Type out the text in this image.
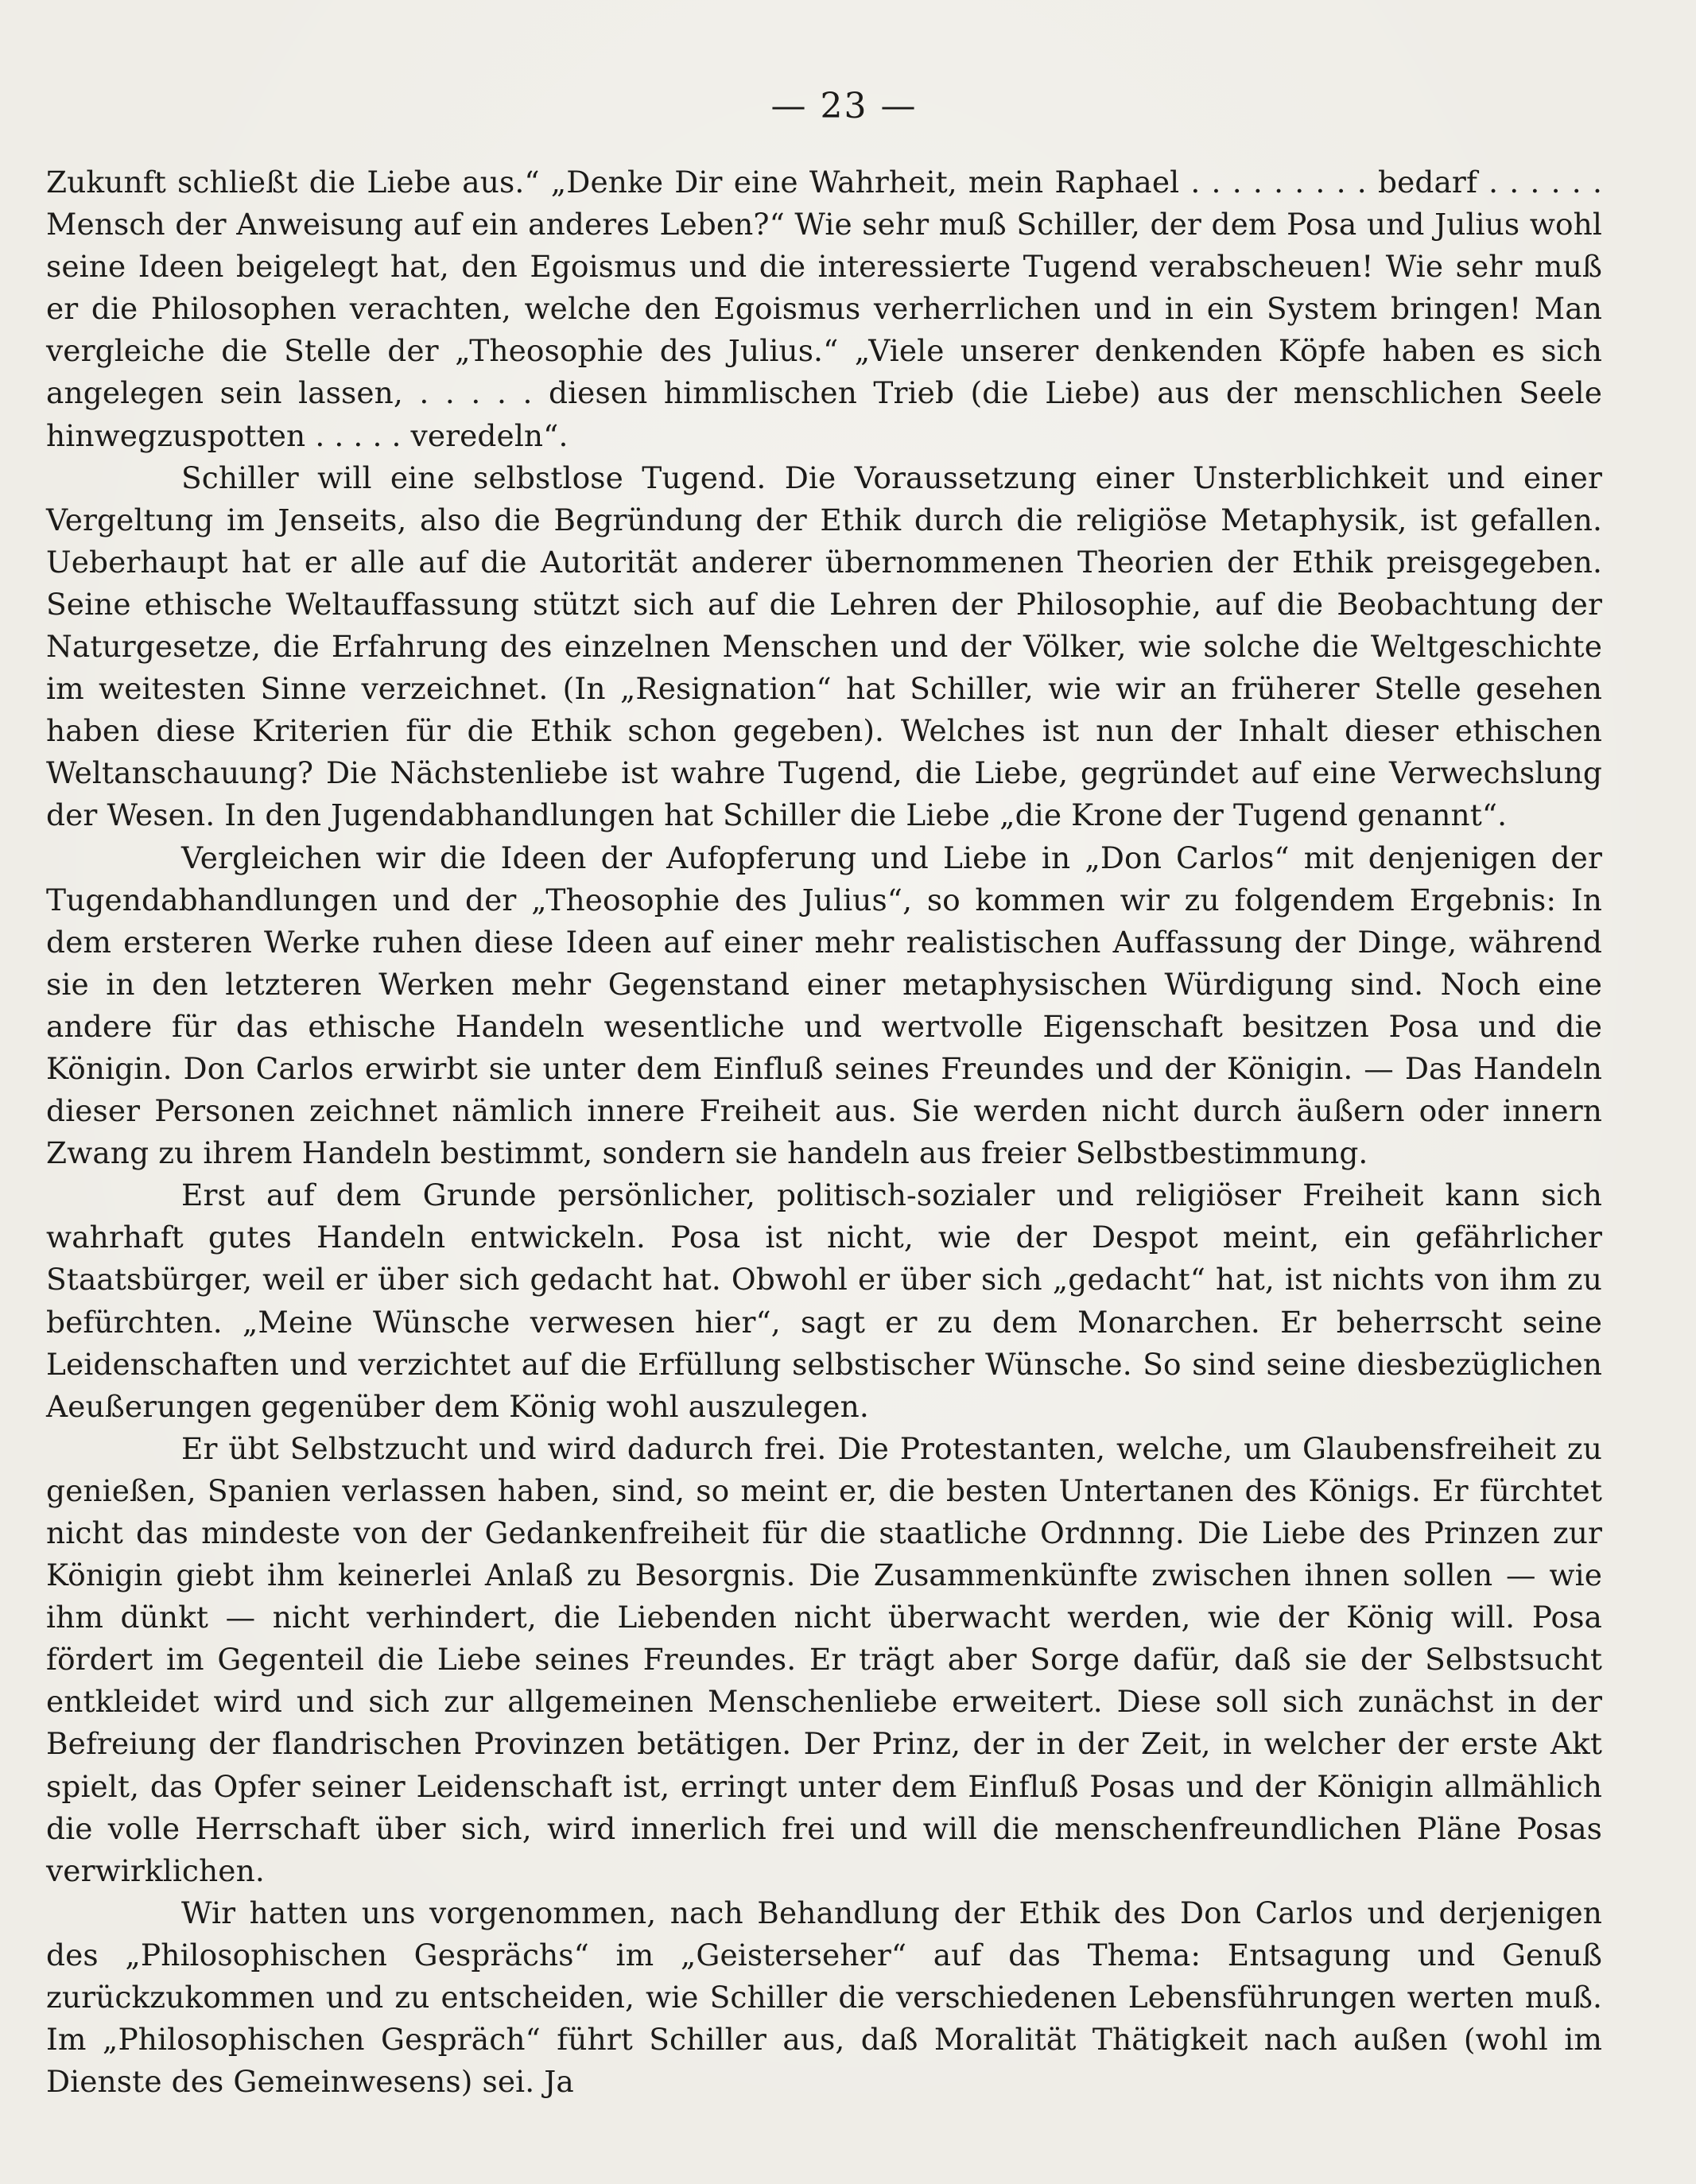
— 23 —

Zukunft schließt die Liebe aus.“ „Denke Dir eine Wahrheit, mein Raphael . . . . . . . . . bedarf . . . . . . Mensch der Anweisung auf ein anderes Leben?“ Wie sehr muß Schiller, der dem Posa und Julius wohl seine Ideen beigelegt hat, den Egoismus und die interessierte Tugend verabscheuen! Wie sehr muß er die Philosophen verachten, welche den Egoismus verherrlichen und in ein System bringen! Man vergleiche die Stelle der „Theosophie des Julius.“ „Viele unserer denkenden Köpfe haben es sich angelegen sein lassen, . . . . . diesen himmlischen Trieb (die Liebe) aus der menschlichen Seele hinwegzuspotten . . . . . veredeln“.

Schiller will eine selbstlose Tugend. Die Voraussetzung einer Unsterblichkeit und einer Vergeltung im Jenseits, also die Begründung der Ethik durch die religiöse Metaphysik, ist gefallen. Ueberhaupt hat er alle auf die Autorität anderer übernommenen Theorien der Ethik preisgegeben. Seine ethische Weltauffassung stützt sich auf die Lehren der Philosophie, auf die Beobachtung der Naturgesetze, die Erfahrung des einzelnen Menschen und der Völker, wie solche die Weltgeschichte im weitesten Sinne verzeichnet. (In „Resignation“ hat Schiller, wie wir an früherer Stelle gesehen haben diese Kriterien für die Ethik schon gegeben). Welches ist nun der Inhalt dieser ethischen Weltanschauung? Die Nächstenliebe ist wahre Tugend, die Liebe, gegründet auf eine Verwechslung der Wesen. In den Jugendabhandlungen hat Schiller die Liebe „die Krone der Tugend genannt“.

Vergleichen wir die Ideen der Aufopferung und Liebe in „Don Carlos“ mit denjenigen der Tugendabhandlungen und der „Theosophie des Julius“, so kommen wir zu folgendem Ergebnis: In dem ersteren Werke ruhen diese Ideen auf einer mehr realistischen Auffassung der Dinge, während sie in den letzteren Werken mehr Gegenstand einer metaphysischen Würdigung sind. Noch eine andere für das ethische Handeln wesentliche und wertvolle Eigenschaft besitzen Posa und die Königin. Don Carlos erwirbt sie unter dem Einfluß seines Freundes und der Königin. — Das Handeln dieser Personen zeichnet nämlich innere Freiheit aus. Sie werden nicht durch äußern oder innern Zwang zu ihrem Handeln bestimmt, sondern sie handeln aus freier Selbstbestimmung.

Erst auf dem Grunde persönlicher, politisch-sozialer und religiöser Freiheit kann sich wahrhaft gutes Handeln entwickeln. Posa ist nicht, wie der Despot meint, ein gefährlicher Staatsbürger, weil er über sich gedacht hat. Obwohl er über sich „gedacht“ hat, ist nichts von ihm zu befürchten. „Meine Wünsche verwesen hier“, sagt er zu dem Monarchen. Er beherrscht seine Leidenschaften und verzichtet auf die Erfüllung selbstischer Wünsche. So sind seine diesbezüglichen Aeußerungen gegenüber dem König wohl auszulegen.

Er übt Selbstzucht und wird dadurch frei. Die Protestanten, welche, um Glaubensfreiheit zu genießen, Spanien verlassen haben, sind, so meint er, die besten Untertanen des Königs. Er fürchtet nicht das mindeste von der Gedankenfreiheit für die staatliche Ordnnng. Die Liebe des Prinzen zur Königin giebt ihm keinerlei Anlaß zu Besorgnis. Die Zusammenkünfte zwischen ihnen sollen — wie ihm dünkt — nicht verhindert, die Liebenden nicht überwacht werden, wie der König will. Posa fördert im Gegenteil die Liebe seines Freundes. Er trägt aber Sorge dafür, daß sie der Selbstsucht entkleidet wird und sich zur allgemeinen Menschenliebe erweitert. Diese soll sich zunächst in der Befreiung der flandrischen Provinzen betätigen. Der Prinz, der in der Zeit, in welcher der erste Akt spielt, das Opfer seiner Leidenschaft ist, erringt unter dem Einfluß Posas und der Königin allmählich die volle Herrschaft über sich, wird innerlich frei und will die menschenfreundlichen Pläne Posas verwirklichen.

Wir hatten uns vorgenommen, nach Behandlung der Ethik des Don Carlos und derjenigen des „Philosophischen Gesprächs“ im „Geisterseher“ auf das Thema: Entsagung und Genuß zurückzukommen und zu entscheiden, wie Schiller die verschiedenen Lebensführungen werten muß. Im „Philosophischen Gespräch“ führt Schiller aus, daß Moralität Thätigkeit nach außen (wohl im Dienste des Gemeinwesens) sei. Ja
